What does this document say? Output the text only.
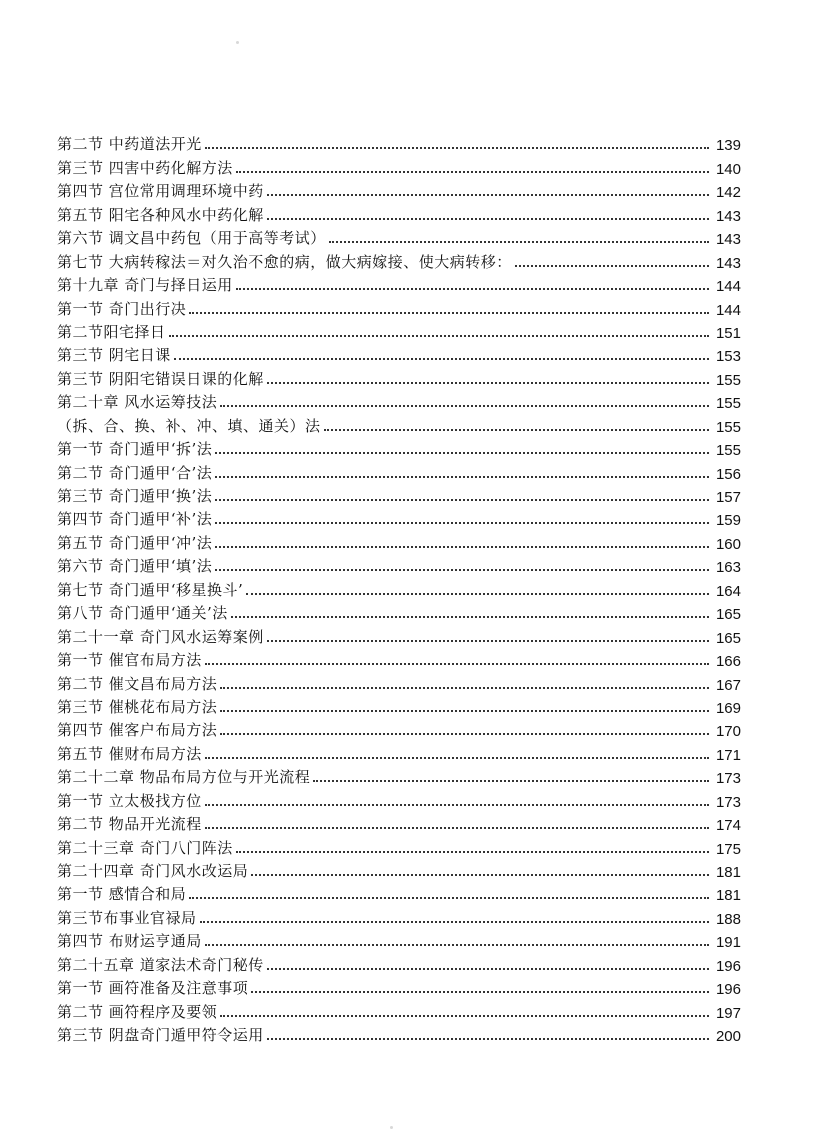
第二节 中药道法开光	139
第三节 四害中药化解方法	140
第四节 宫位常用调理环境中药	142
第五节 阳宅各种风水中药化解	143
第六节 调文昌中药包（用于高等考试）	143
第七节 大病转稼法＝对久治不愈的病，做大病嫁接、使大病转移：	143
第十九章 奇门与择日运用	144
第一节 奇门出行决	144
第二节阳宅择日	151
第三节 阴宅日课	153
第三节 阴阳宅错误日课的化解	155
第二十章 风水运筹技法	155
（拆、合、换、补、冲、填、通关）法	155
第一节 奇门遁甲‘拆’法	155
第二节 奇门遁甲‘合’法	156
第三节 奇门遁甲‘换’法	157
第四节 奇门遁甲‘补’法	159
第五节 奇门遁甲‘冲’法	160
第六节 奇门遁甲‘填’法	163
第七节 奇门遁甲‘移星换斗’	164
第八节 奇门遁甲‘通关’法	165
第二十一章 奇门风水运筹案例	165
第一节 催官布局方法	166
第二节 催文昌布局方法	167
第三节 催桃花布局方法	169
第四节 催客户布局方法	170
第五节 催财布局方法	171
第二十二章 物品布局方位与开光流程	173
第一节 立太极找方位	173
第二节 物品开光流程	174
第二十三章 奇门八门阵法	175
第二十四章 奇门风水改运局	181
第一节 感情合和局	181
第三节布事业官禄局	188
第四节 布财运亨通局	191
第二十五章 道家法术奇门秘传	196
第一节 画符准备及注意事项	196
第二节 画符程序及要领	197
第三节 阴盘奇门遁甲符令运用	200
